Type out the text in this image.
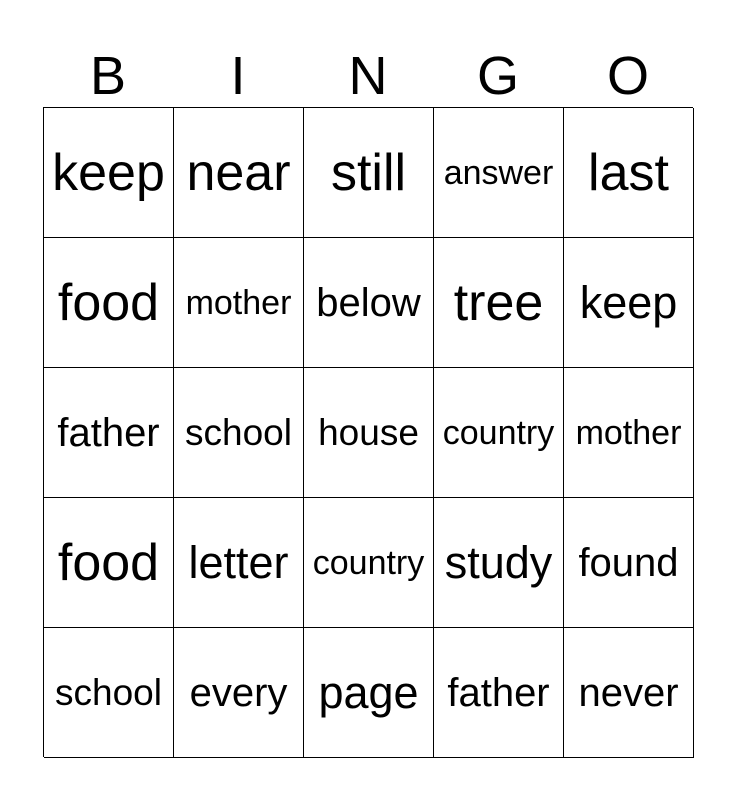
B	I	N	G	O
keep near still	answer last
food mother below tree keep
father school house country mother
food letter country study found
school every page father never
